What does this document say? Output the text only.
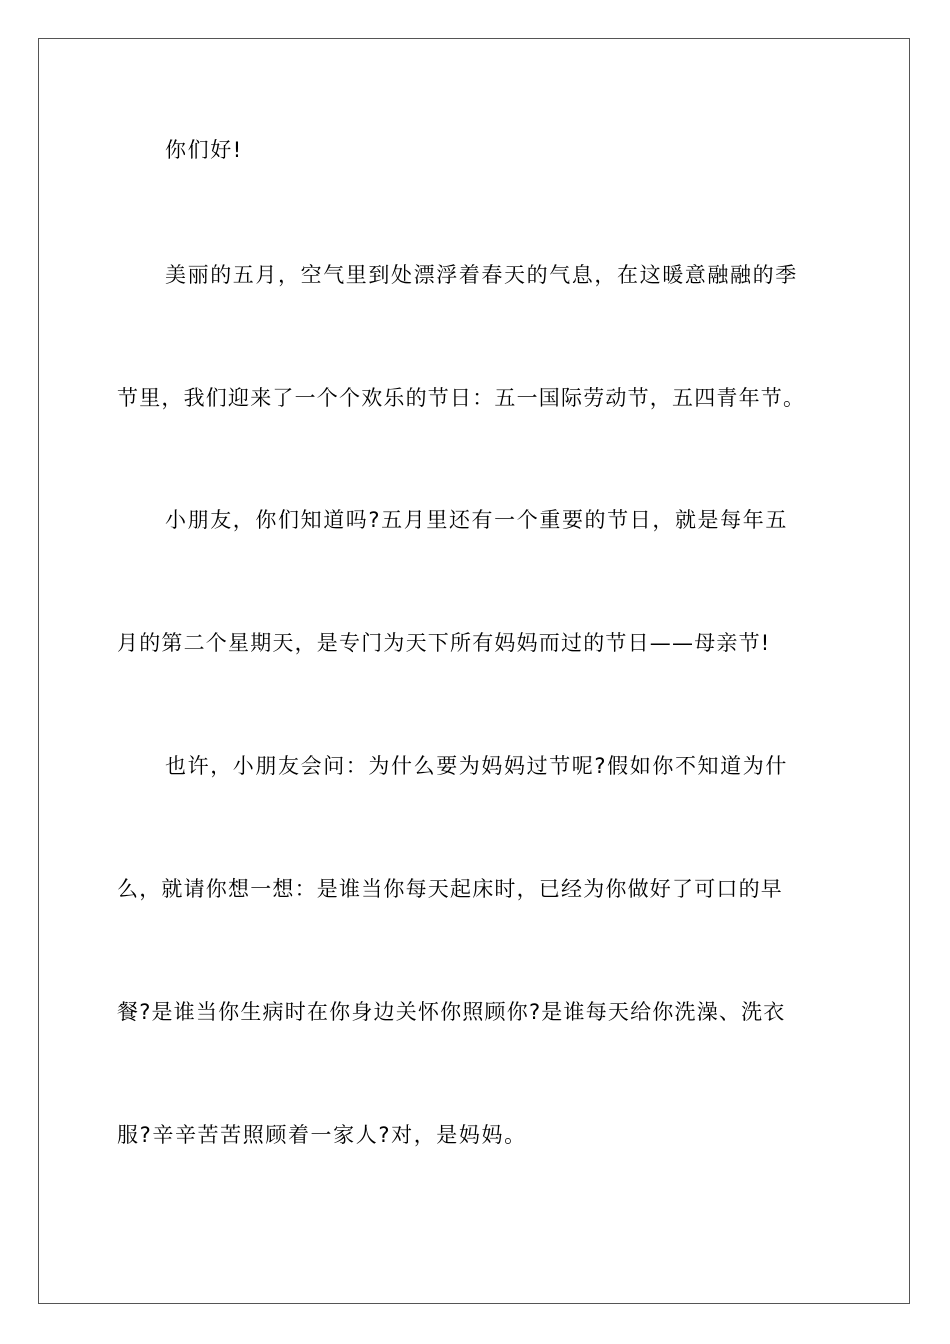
你们好!
美丽的五月，空气里到处漂浮着春天的气息，在这暖意融融的季
节里，我们迎来了一个个欢乐的节日：五一国际劳动节，五四青年节。
小朋友，你们知道吗?五月里还有一个重要的节日，就是每年五
月的第二个星期天，是专门为天下所有妈妈而过的节日——母亲节!
也许，小朋友会问：为什么要为妈妈过节呢?假如你不知道为什
么，就请你想一想：是谁当你每天起床时，已经为你做好了可口的早
餐?是谁当你生病时在你身边关怀你照顾你?是谁每天给你洗澡、洗衣
服?辛辛苦苦照顾着一家人?对，是妈妈。
